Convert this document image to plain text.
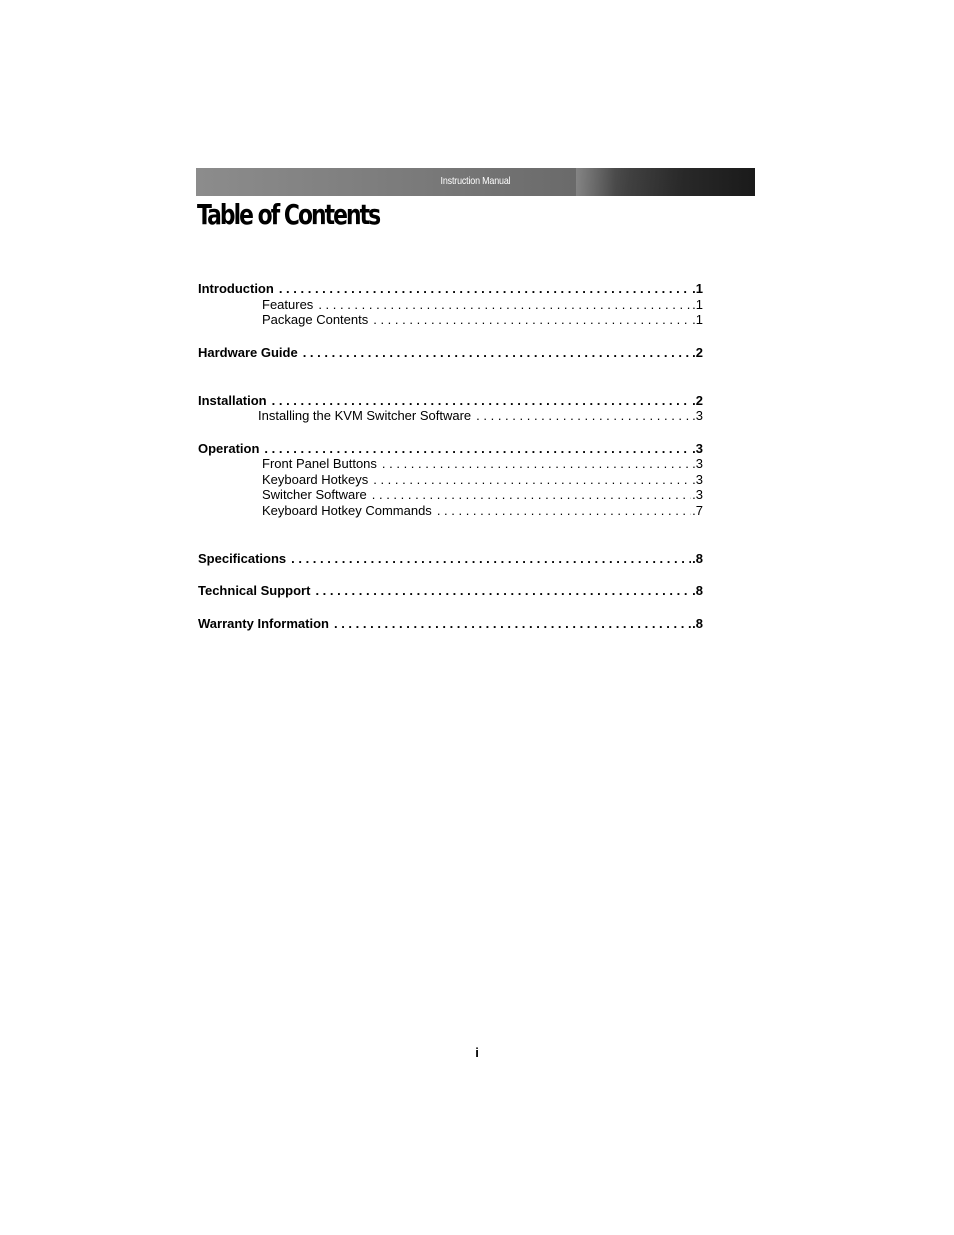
Instruction Manual
Table of Contents
Introduction . . .	.1
Features . . .	.1
Package Contents . . .	.1
Hardware Guide . . .	.2
Installation . . .	.2
Installing the KVM Switcher Software . . .	.3
Operation . . .	.3
Front Panel Buttons . . .	.3
Keyboard Hotkeys . . .	.3
Switcher Software . . .	.3
Keyboard Hotkey Commands . . .	.7
Specifications . . .	.8
Technical Support . . .	.8
Warranty Information . . .	.8
i
